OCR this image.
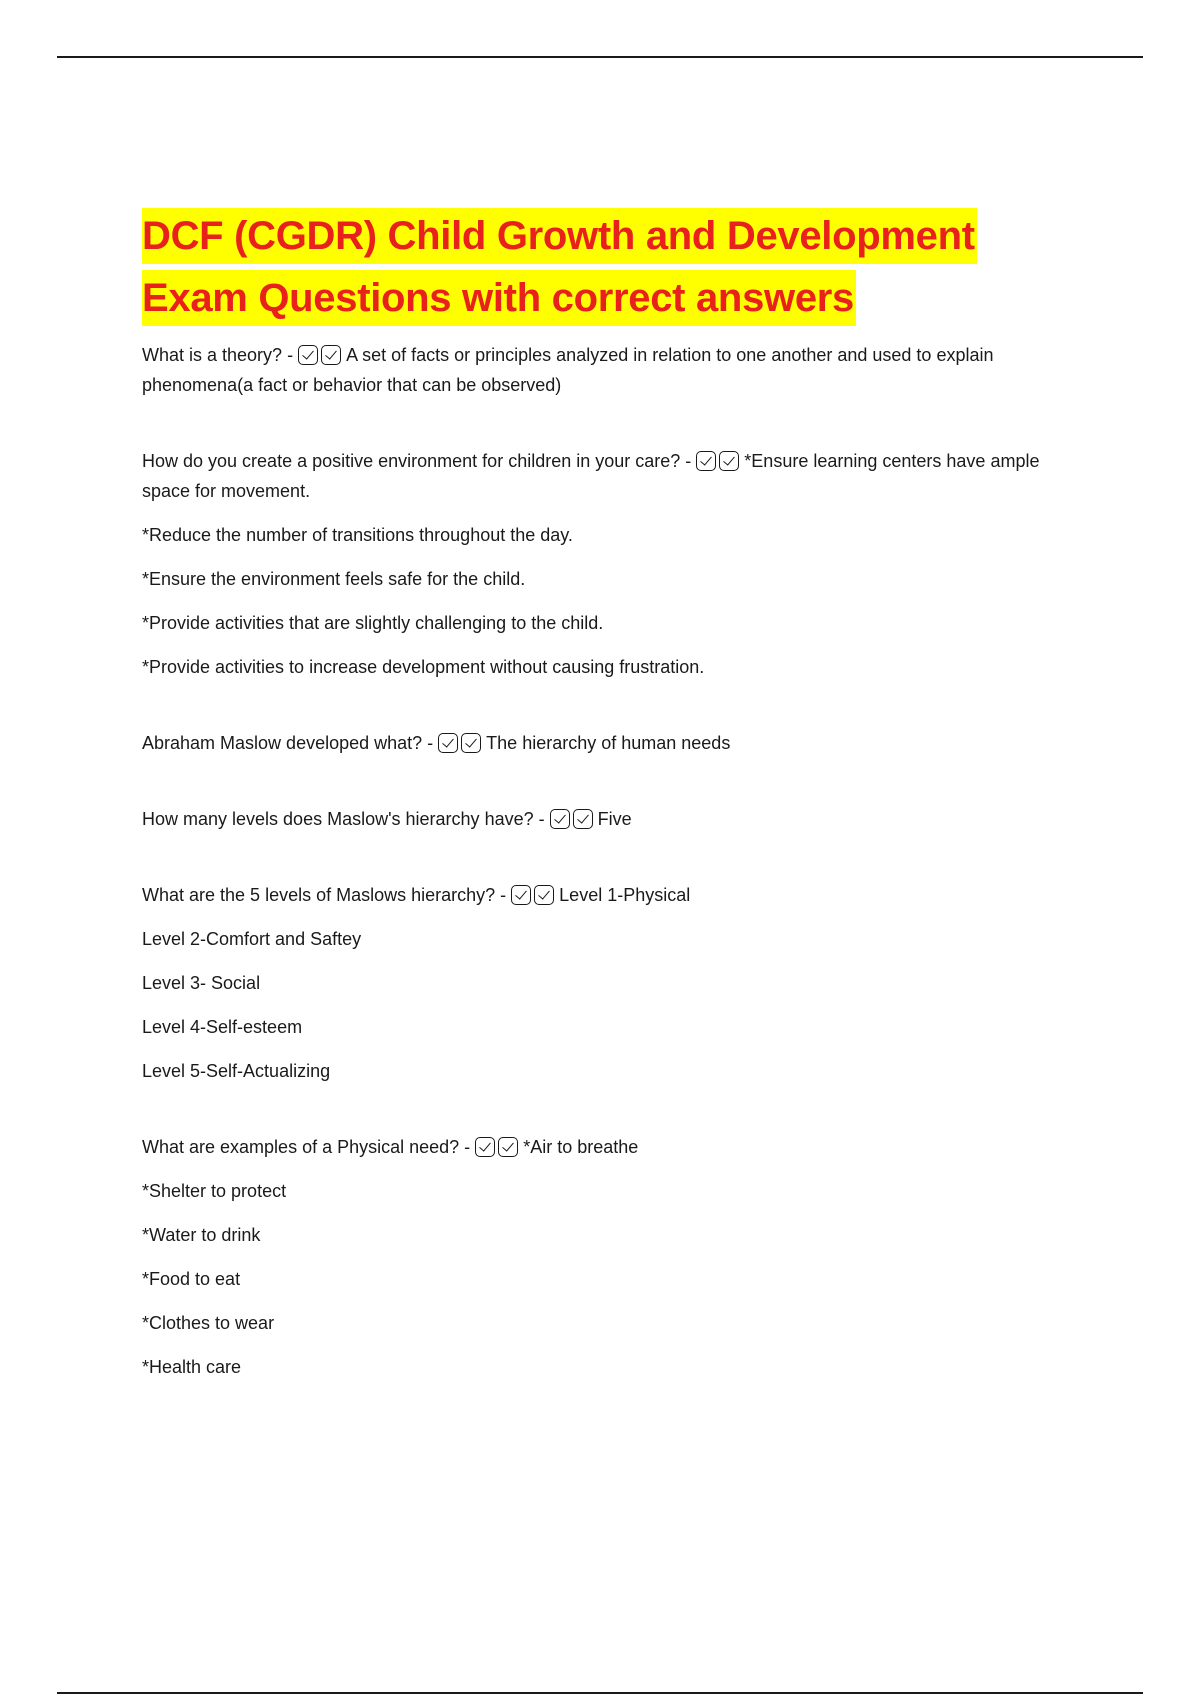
DCF (CGDR) Child Growth and Development
Exam Questions with correct answers

What is a theory? -	A set of facts or principles analyzed in relation to one another and used to explain phenomena(a fact or behavior that can be observed)

How do you create a positive environment for children in your care? -	*Ensure learning centers have ample space for movement.

*Reduce the number of transitions throughout the day.

*Ensure the environment feels safe for the child.

*Provide activities that are slightly challenging to the child.

*Provide activities to increase development without causing frustration.

Abraham Maslow developed what? -	The hierarchy of human needs

How many levels does Maslow's hierarchy have? -	Five

What are the 5 levels of Maslows hierarchy? -	Level 1-Physical

Level 2-Comfort and Saftey

Level 3- Social

Level 4-Self-esteem

Level 5-Self-Actualizing

What are examples of a Physical need? -	*Air to breathe

*Shelter to protect

*Water to drink

*Food to eat

*Clothes to wear

*Health care
